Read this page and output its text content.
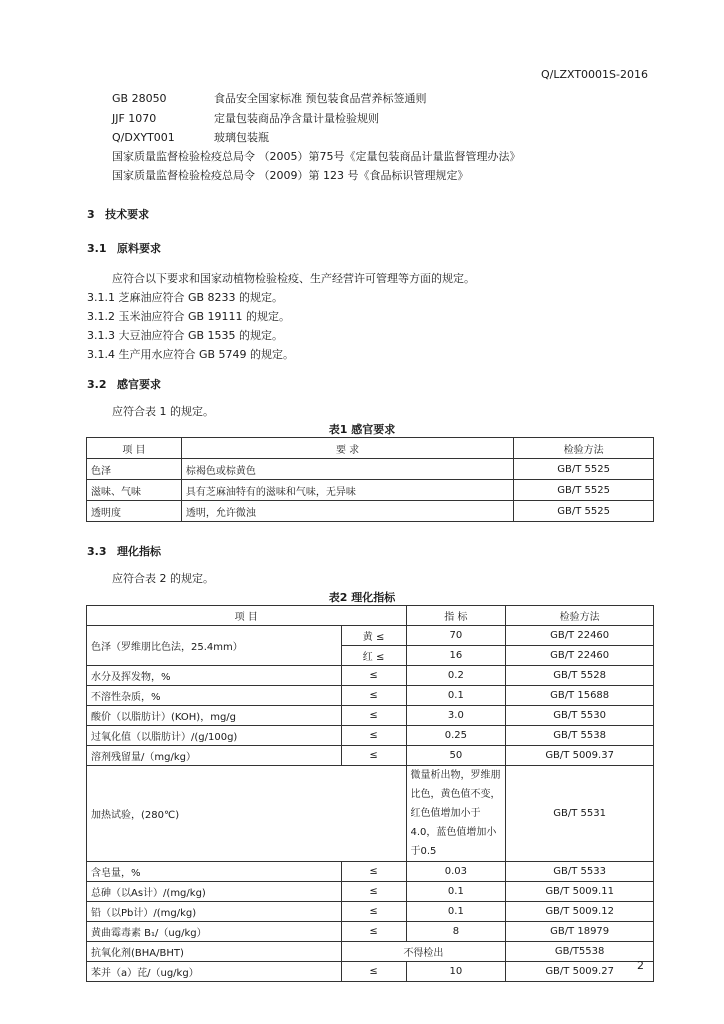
Q/LZXT0001S-2016
GB 28050	食品安全国家标准 预包装食品营养标签通则
JJF 1070	定量包装商品净含量计量检验规则
Q/DXYT001	玻璃包装瓶
国家质量监督检验检疫总局令 （2005）第75号《定量包装商品计量监督管理办法》
国家质量监督检验检疫总局令 （2009）第 123 号《食品标识管理规定》
3 技术要求
3.1 原料要求
应符合以下要求和国家动植物检验检疫、生产经营许可管理等方面的规定。
3.1.1 芝麻油应符合 GB 8233 的规定。
3.1.2 玉米油应符合 GB 19111 的规定。
3.1.3 大豆油应符合 GB 1535 的规定。
3.1.4 生产用水应符合 GB 5749 的规定。
3.2 感官要求
应符合表 1 的规定。
表1 感官要求
项 目	要 求	检验方法
色泽	棕褐色或棕黄色	GB/T 5525
滋味、气味	具有芝麻油特有的滋味和气味，无异味	GB/T 5525
透明度	透明，允许微浊	GB/T 5525
3.3 理化指标
应符合表 2 的规定。
表2 理化指标
项 目		指 标	检验方法
色泽（罗维朋比色法，25.4mm）	黄 ≤	70	GB/T 22460
	红 ≤	16	GB/T 22460
水分及挥发物，%	≤	0.2	GB/T 5528
不溶性杂质，%	≤	0.1	GB/T 15688
酸价（以脂肪计）(KOH)，mg/g	≤	3.0	GB/T 5530
过氧化值（以脂肪计）/(g/100g)	≤	0.25	GB/T 5538
溶剂残留量/（mg/kg）	≤	50	GB/T 5009.37
加热试验，(280℃)		微量析出物，罗维朋比色，黄色值不变，红色值增加小于4.0，蓝色值增加小于0.5	GB/T 5531
含皂量，%	≤	0.03	GB/T 5533
总砷（以As计）/(mg/kg)	≤	0.1	GB/T 5009.11
铅（以Pb计）/(mg/kg)	≤	0.1	GB/T 5009.12
黄曲霉毒素 B₁/（ug/kg）	≤	8	GB/T 18979
抗氧化剂(BHA/BHT)	不得检出		GB/T5538
苯并（a）芘/（ug/kg）	≤	10	GB/T 5009.27 2
